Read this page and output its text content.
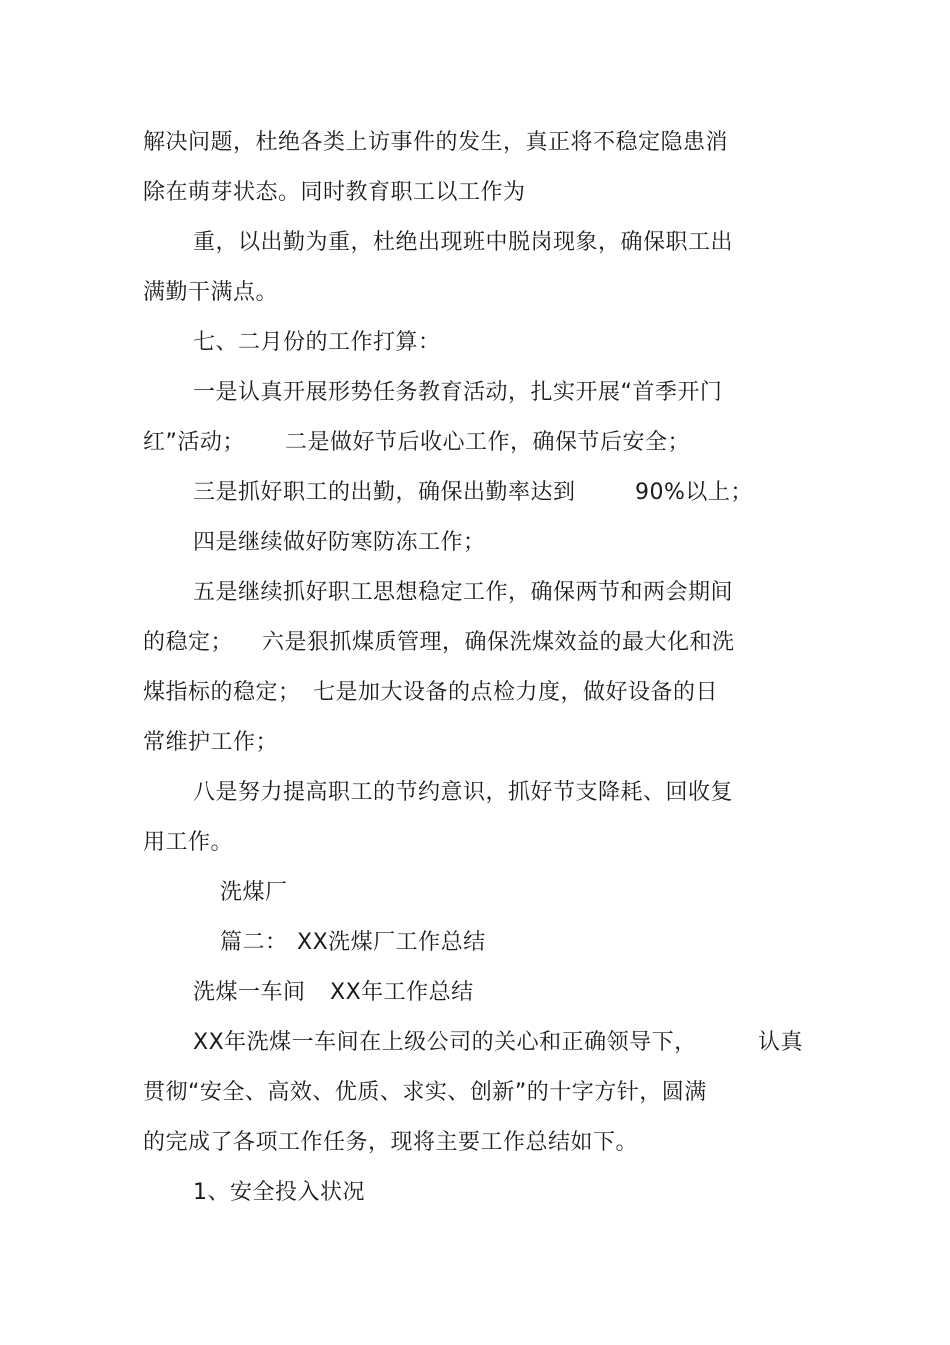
解决问题，杜绝各类上访事件的发生，真正将不稳定隐患消
除在萌芽状态。同时教育职工以工作为
重，以出勤为重，杜绝出现班中脱岗现象，确保职工出
满勤干满点。
七、二月份的工作打算：
一是认真开展形势任务教育活动，扎实开展“首季开门
红”活动； 二是做好节后收心工作，确保节后安全；
三是抓好职工的出勤，确保出勤率达到	90%以上；
四是继续做好防寒防冻工作；
五是继续抓好职工思想稳定工作，确保两节和两会期间
的稳定； 六是狠抓煤质管理，确保洗煤效益的最大化和洗
煤指标的稳定； 七是加大设备的点检力度，做好设备的日
常维护工作；
八是努力提高职工的节约意识，抓好节支降耗、回收复
用工作。
洗煤厂
篇二： XX洗煤厂工作总结
洗煤一车间 XX年工作总结
XX年洗煤一车间在上级公司的关心和正确领导下，	认真
贯彻“安全、高效、优质、求实、创新”的十字方针，圆满
的完成了各项工作任务，现将主要工作总结如下。
1、安全投入状况
